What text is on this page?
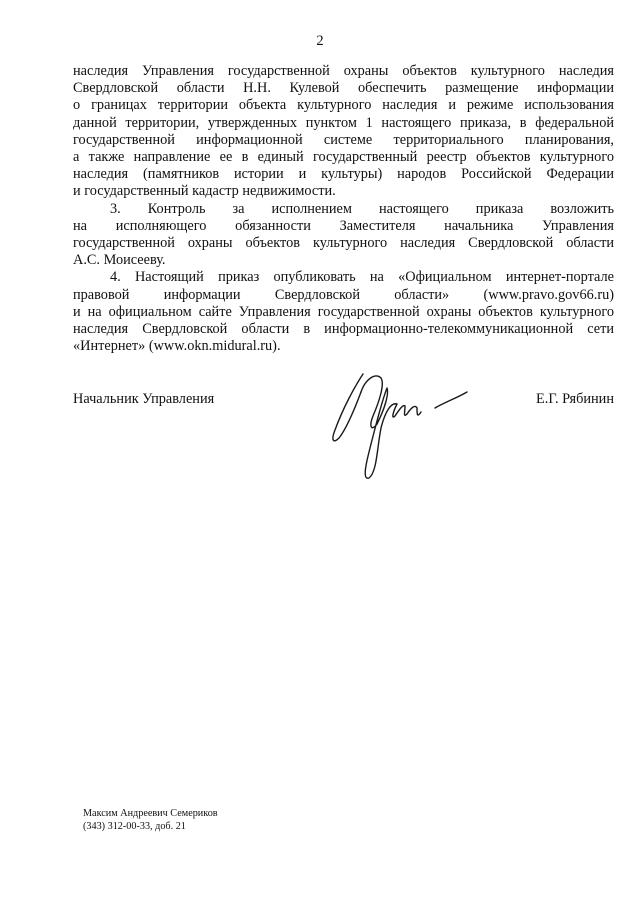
2

наследия Управления государственной охраны объектов культурного наследия
Свердловской области Н.Н. Кулевой обеспечить размещение информации
о границах территории объекта культурного наследия и режиме использования
данной территории, утвержденных пунктом 1 настоящего приказа, в федеральной
государственной информационной системе территориального планирования,
а также направление ее в единый государственный реестр объектов культурного
наследия (памятников истории и культуры) народов Российской Федерации
и государственный кадастр недвижимости.

3. Контроль за исполнением настоящего приказа возложить
на исполняющего обязанности Заместителя начальника Управления
государственной охраны объектов культурного наследия Свердловской области
А.С. Моисееву.

4. Настоящий приказ опубликовать на «Официальном интернет-портале
правовой информации Свердловской области» (www.pravo.gov66.ru)
и на официальном сайте Управления государственной охраны объектов культурного
наследия Свердловской области в информационно-телекоммуникационной сети
«Интернет» (www.okn.midural.ru).

Начальник Управления	Е.Г. Рябинин
Максим Андреевич Семериков
(343) 312-00-33, доб. 21
